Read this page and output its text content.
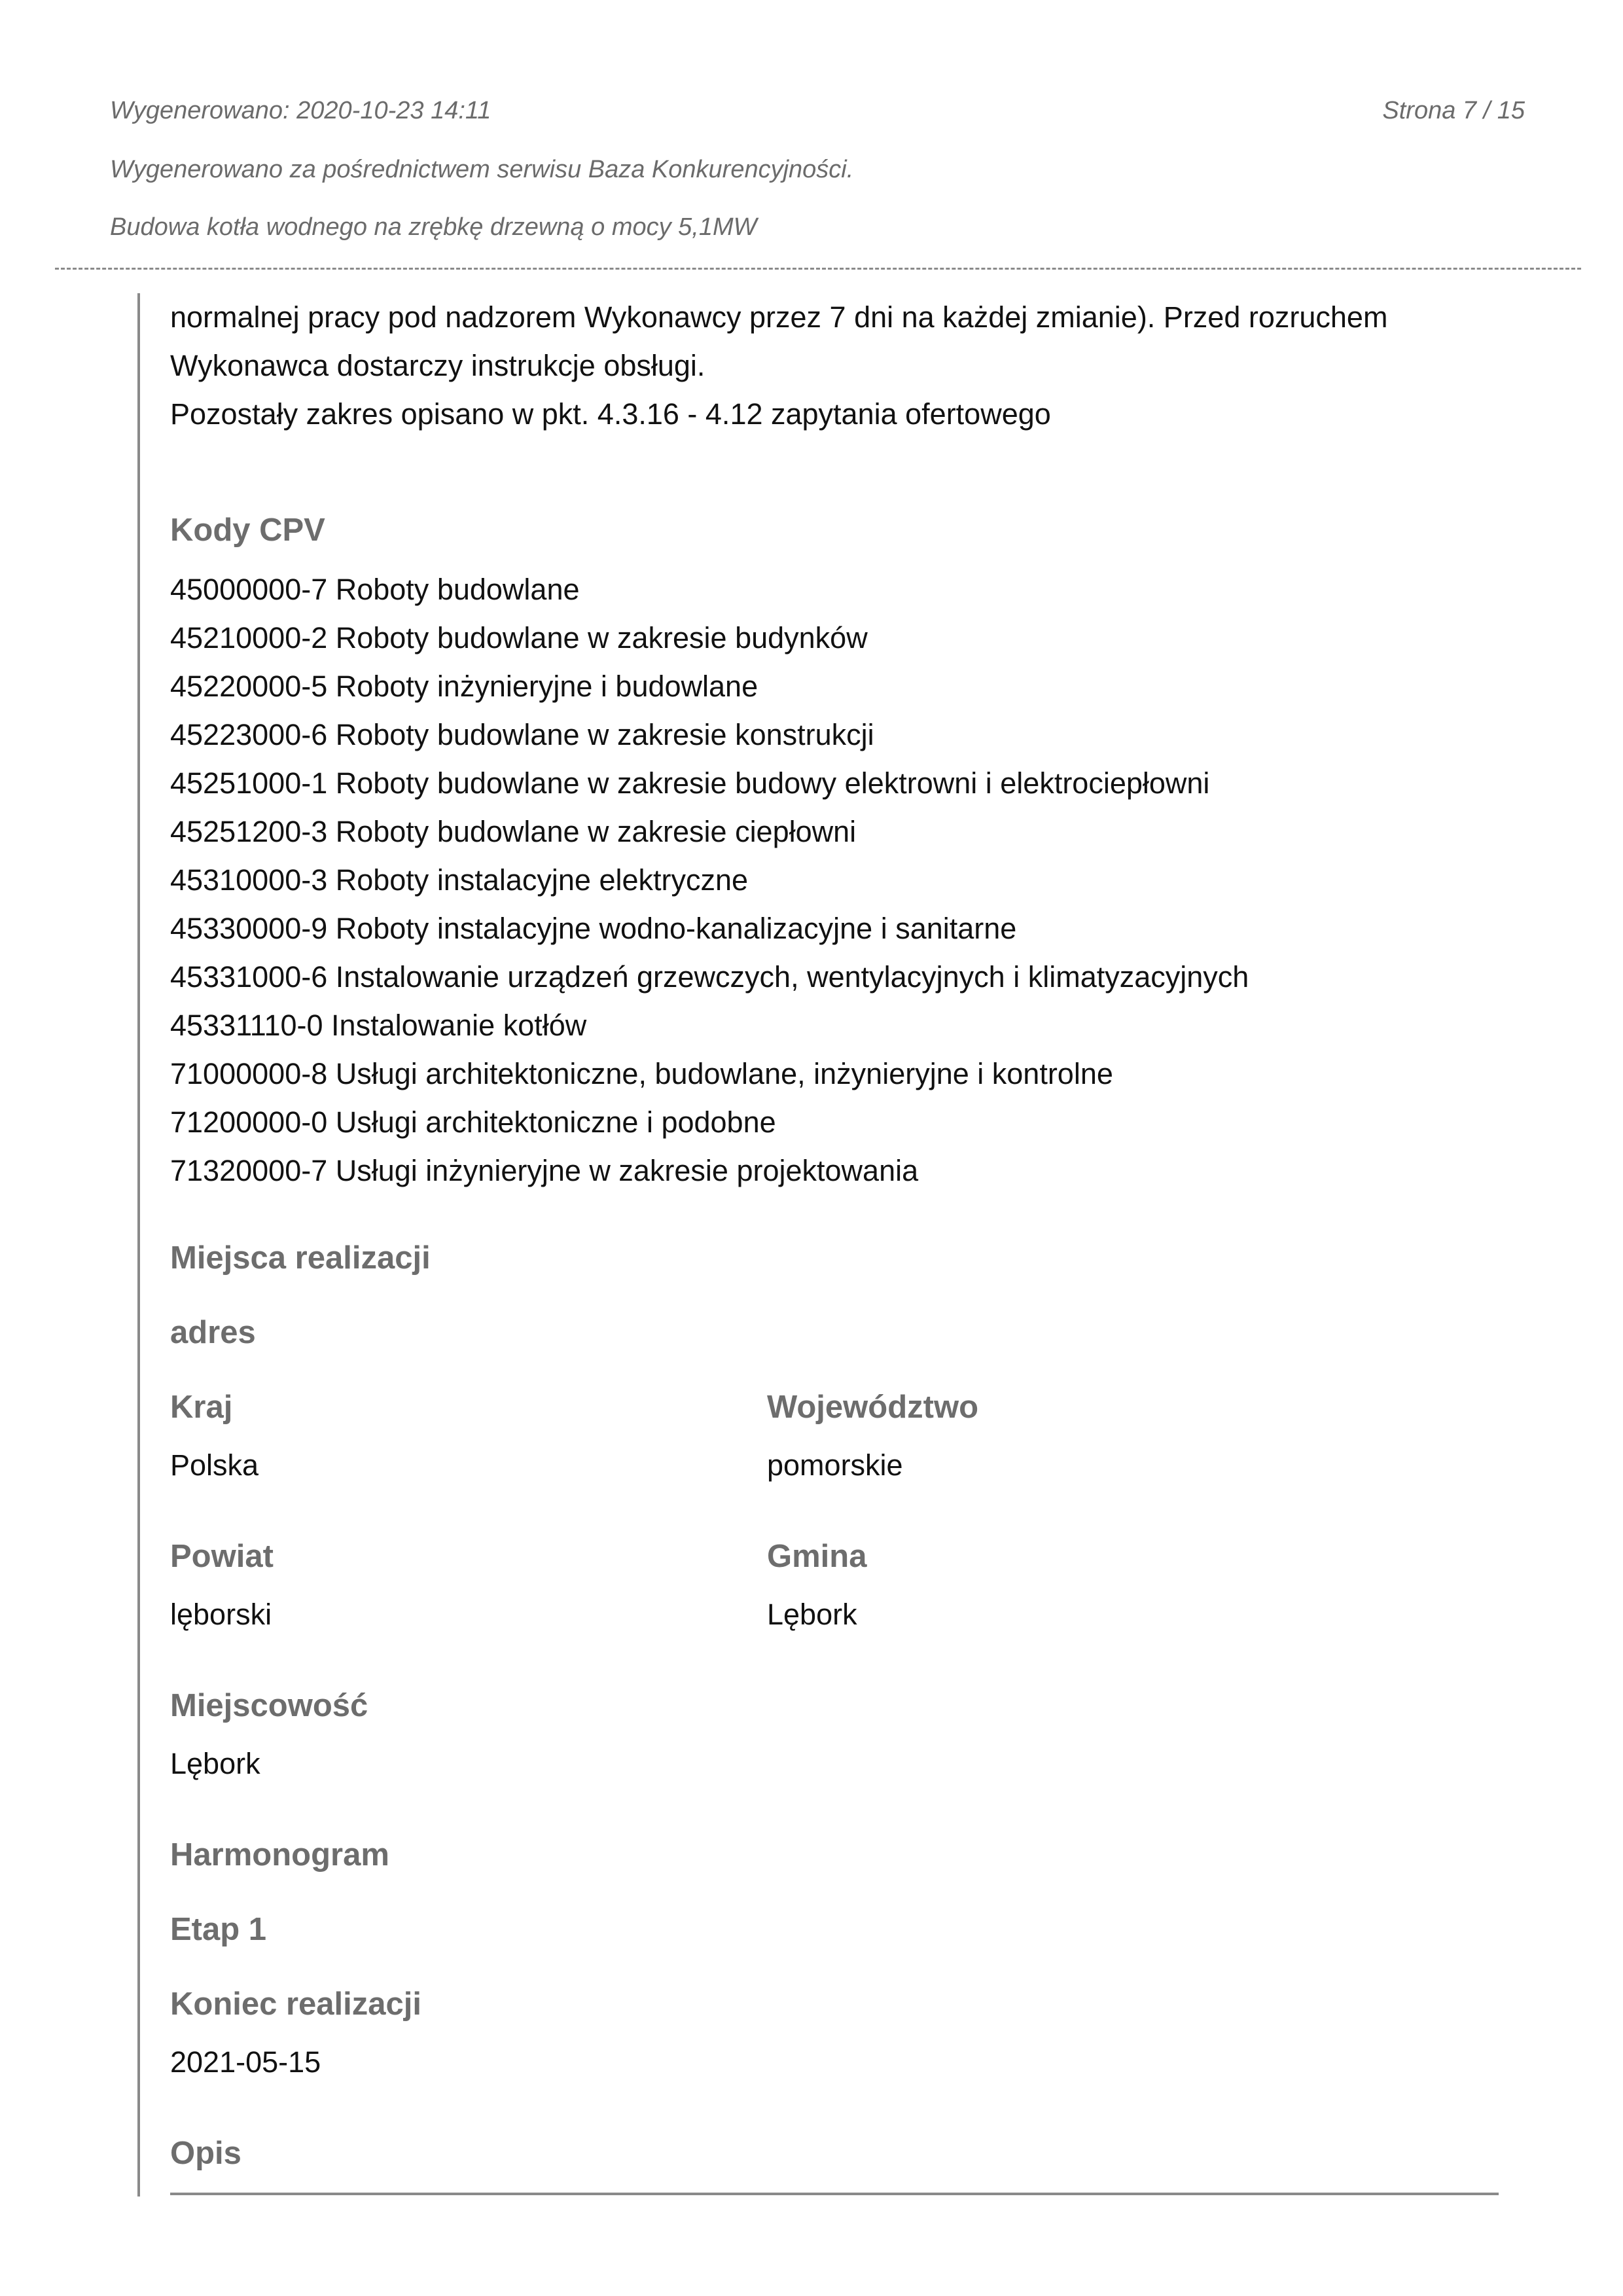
Wygenerowano: 2020-10-23 14:11	Strona 7 / 15
Wygenerowano za pośrednictwem serwisu Baza Konkurencyjności.
Budowa kotła wodnego na zrębkę drzewną o mocy 5,1MW
normalnej pracy pod nadzorem Wykonawcy przez 7 dni na każdej zmianie). Przed rozruchem
Wykonawca dostarczy instrukcje obsługi.
Pozostały zakres opisano w pkt. 4.3.16 - 4.12 zapytania ofertowego
Kody CPV
45000000-7 Roboty budowlane
45210000-2 Roboty budowlane w zakresie budynków
45220000-5 Roboty inżynieryjne i budowlane
45223000-6 Roboty budowlane w zakresie konstrukcji
45251000-1 Roboty budowlane w zakresie budowy elektrowni i elektrociepłowni
45251200-3 Roboty budowlane w zakresie ciepłowni
45310000-3 Roboty instalacyjne elektryczne
45330000-9 Roboty instalacyjne wodno-kanalizacyjne i sanitarne
45331000-6 Instalowanie urządzeń grzewczych, wentylacyjnych i klimatyzacyjnych
45331110-0 Instalowanie kotłów
71000000-8 Usługi architektoniczne, budowlane, inżynieryjne i kontrolne
71200000-0 Usługi architektoniczne i podobne
71320000-7 Usługi inżynieryjne w zakresie projektowania
Miejsca realizacji
adres
Kraj
Polska
Województwo
pomorskie
Powiat
lęborski
Gmina
Lębork
Miejscowość
Lębork
Harmonogram
Etap 1
Koniec realizacji
2021-05-15
Opis
